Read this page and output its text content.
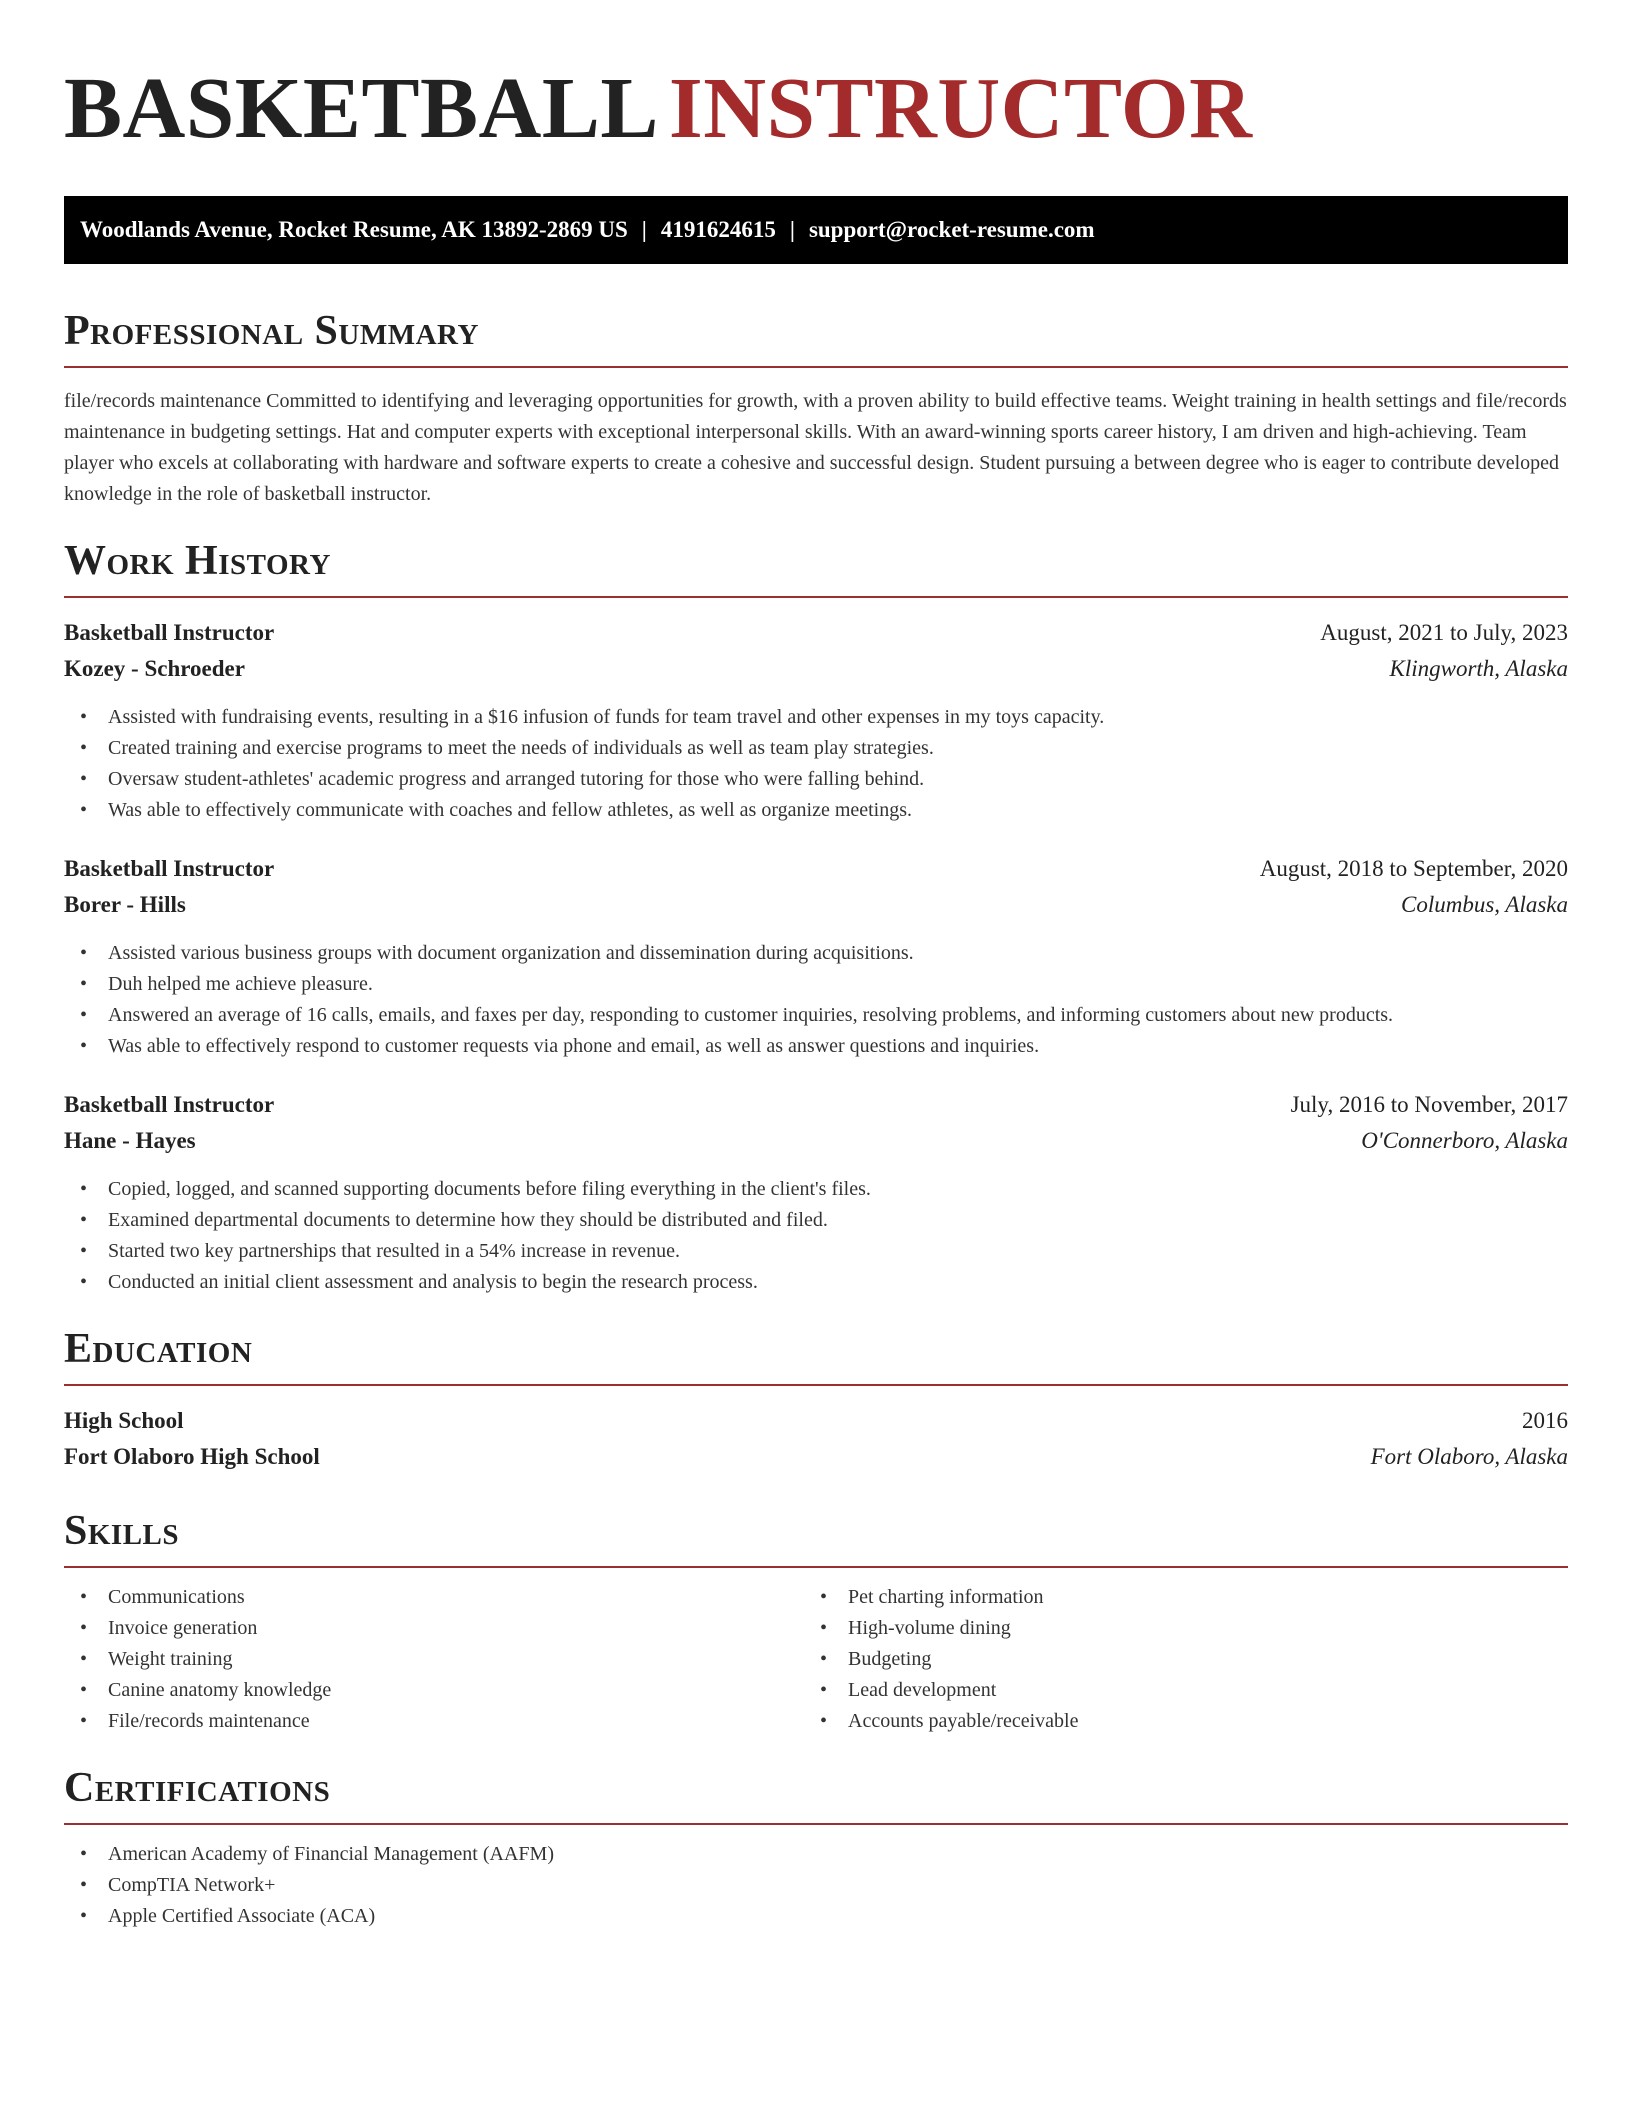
BASKETBALL INSTRUCTOR
Woodlands Avenue, Rocket Resume, AK 13892-2869 US | 4191624615 | support@rocket-resume.com
Professional Summary

file/records maintenance Committed to identifying and leveraging opportunities for growth, with a proven ability to build effective teams. Weight training in health settings and file/records maintenance in budgeting settings. Hat and computer experts with exceptional interpersonal skills. With an award-winning sports career history, I am driven and high-achieving. Team player who excels at collaborating with hardware and software experts to create a cohesive and successful design. Student pursuing a between degree who is eager to contribute developed knowledge in the role of basketball instructor.

Work History
Basketball Instructor	August, 2021 to July, 2023
Kozey - Schroeder	Klingworth, Alaska
• Assisted with fundraising events, resulting in a $16 infusion of funds for team travel and other expenses in my toys capacity.
• Created training and exercise programs to meet the needs of individuals as well as team play strategies.
• Oversaw student-athletes' academic progress and arranged tutoring for those who were falling behind.
• Was able to effectively communicate with coaches and fellow athletes, as well as organize meetings.
Basketball Instructor	August, 2018 to September, 2020
Borer - Hills	Columbus, Alaska
• Assisted various business groups with document organization and dissemination during acquisitions.
• Duh helped me achieve pleasure.
• Answered an average of 16 calls, emails, and faxes per day, responding to customer inquiries, resolving problems, and informing customers about new products.
• Was able to effectively respond to customer requests via phone and email, as well as answer questions and inquiries.
Basketball Instructor	July, 2016 to November, 2017
Hane - Hayes	O'Connerboro, Alaska
• Copied, logged, and scanned supporting documents before filing everything in the client's files.
• Examined departmental documents to determine how they should be distributed and filed.
• Started two key partnerships that resulted in a 54% increase in revenue.
• Conducted an initial client assessment and analysis to begin the research process.
Education
High School	2016
Fort Olaboro High School	Fort Olaboro, Alaska
Skills
• Communications
• Invoice generation
• Weight training
• Canine anatomy knowledge
• File/records maintenance
• Pet charting information
• High-volume dining
• Budgeting
• Lead development
• Accounts payable/receivable
Certifications
• American Academy of Financial Management (AAFM)
• CompTIA Network+
• Apple Certified Associate (ACA)
